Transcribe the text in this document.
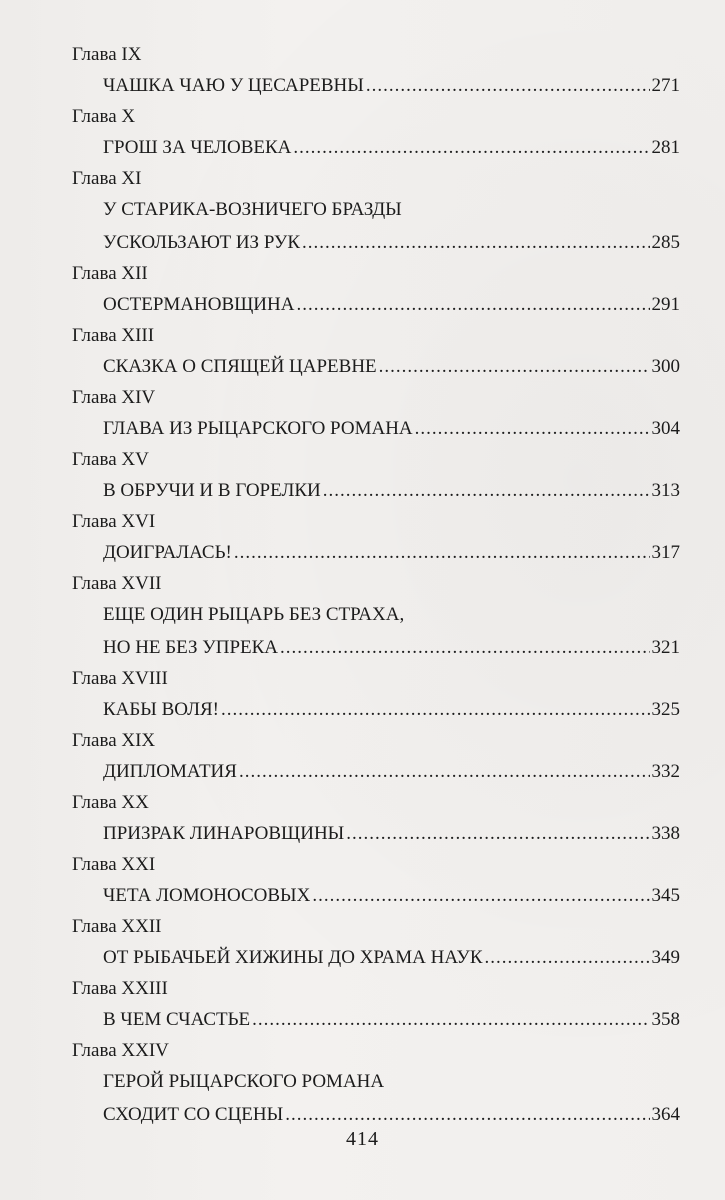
Глава IX
ЧАШКА ЧАЮ У ЦЕСАРЕВНЫ .....	271
Глава X
ГРОШ ЗА ЧЕЛОВЕКА .....	281
Глава XI
У СТАРИКА-ВОЗНИЧЕГО БРАЗДЫ
УСКОЛЬЗАЮТ ИЗ РУК .....	285
Глава XII
ОСТЕРМАНОВЩИНА .....	291
Глава XIII
СКАЗКА О СПЯЩЕЙ ЦАРЕВНЕ .....	300
Глава XIV
ГЛАВА ИЗ РЫЦАРСКОГО РОМАНА .....	304
Глава XV
В ОБРУЧИ И В ГОРЕЛКИ .....	313
Глава XVI
ДОИГРАЛАСЬ! .....	317
Глава XVII
ЕЩЕ ОДИН РЫЦАРЬ БЕЗ СТРАХА,
НО НЕ БЕЗ УПРЕКА .....	321
Глава XVIII
КАБЫ ВОЛЯ! .....	325
Глава XIX
ДИПЛОМАТИЯ .....	332
Глава XX
ПРИЗРАК ЛИНАРОВЩИНЫ .....	338
Глава XXI
ЧЕТА ЛОМОНОСОВЫХ .....	345
Глава XXII
ОТ РЫБАЧЬЕЙ ХИЖИНЫ ДО ХРАМА НАУК .....	349
Глава XXIII
В ЧЕМ СЧАСТЬЕ .....	358
Глава XXIV
ГЕРОЙ РЫЦАРСКОГО РОМАНА
СХОДИТ СО СЦЕНЫ .....	364
414
